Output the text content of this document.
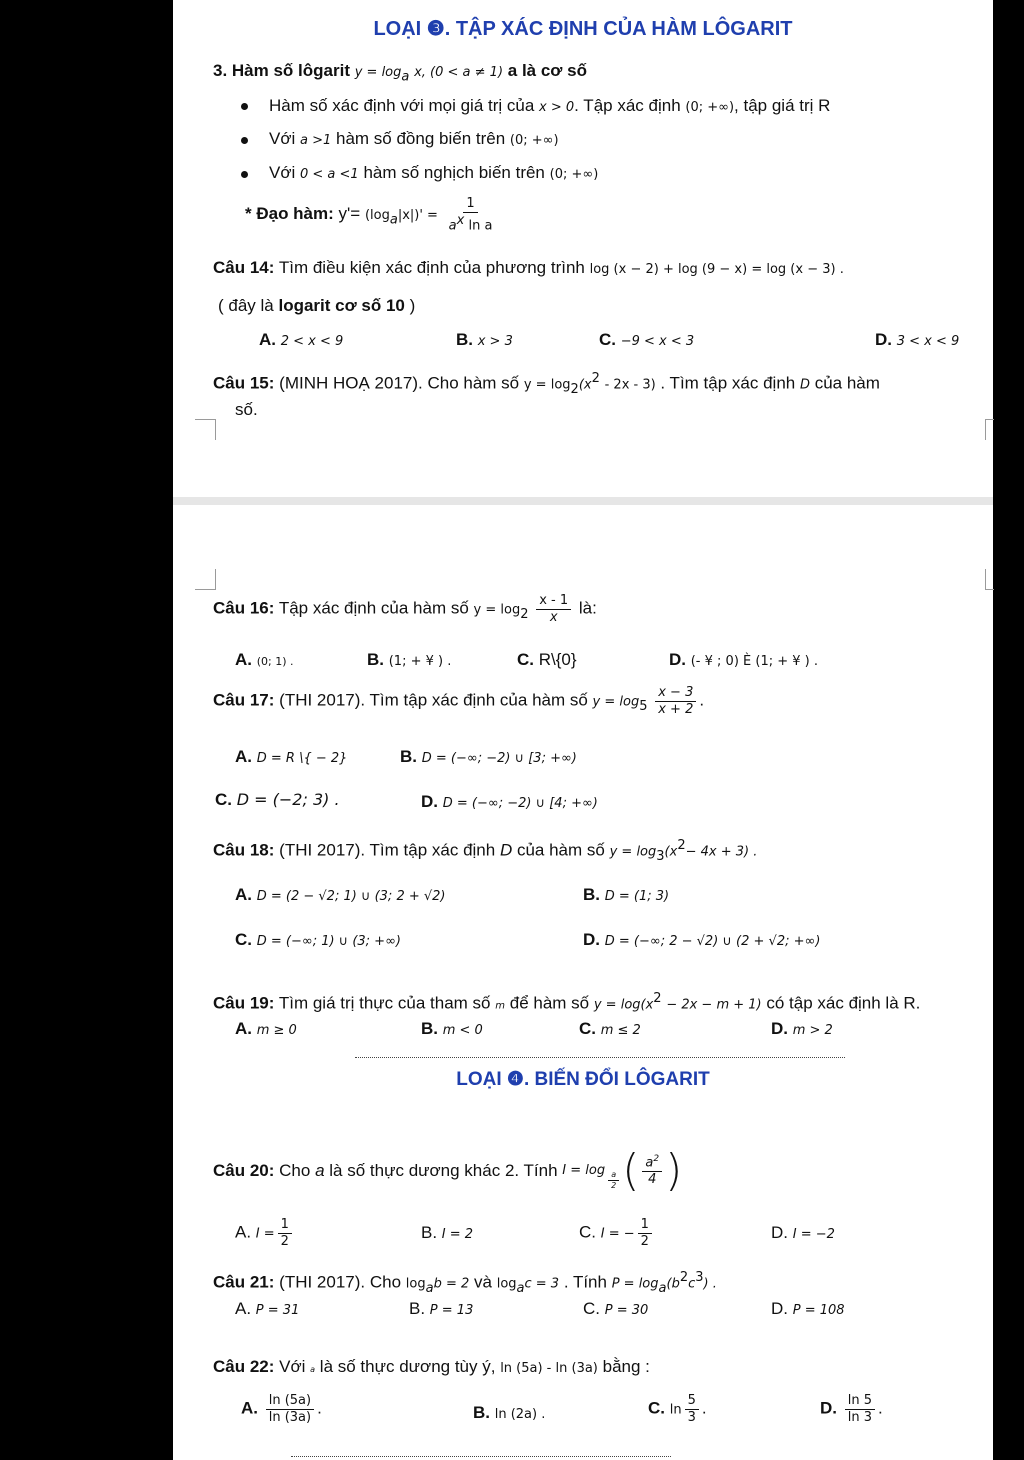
LOẠI ❸. TẬP XÁC ĐỊNH CỦA HÀM LÔGARIT
3. Hàm số lôgarit $y = \log_a x$, (0 < a ≠ 1) a là cơ số
Hàm số xác định với mọi giá trị của x > 0. Tập xác định (0; +∞), tập giá trị R
Với a >1 hàm số đồng biến trên (0; +∞)
Với 0 < a <1 hàm số nghịch biến trên (0; +∞)
* Đạo hàm: $y'= (\log_a|x|)' = \frac{1}{a^x \ln a}$
Câu 14: Tìm điều kiện xác định của phương trình log (x − 2) + log (9 − x) = log (x − 3) .
( đây là logarit cơ số 10 )
A. 2 < x < 9	B. x > 3	C. −9 < x < 3	D. 3 < x < 9
Câu 15: (MINH HOẠ 2017). Cho hàm số $y = \log_2(x^2 - 2x - 3)$ . Tìm tập xác định D của hàm
số.
Câu 16: Tập xác định của hàm số $y = \log_2 \frac{x - 1}{x}$ là:
A. (0; 1) .	B. (1; + ¥ ) .	C. R\{0}	D. (- ¥ ; 0) È (1; + ¥ ) .
Câu 17: (THI 2017). Tìm tập xác định của hàm số $y = \log_5 \frac{x - 3}{x + 2}$ .
A. D = R \{ − 2}	B. D = (−∞; −2) ∪ [3; +∞)
C. D = (−2; 3) .	D. D = (−∞; −2) ∪ [4; +∞)
Câu 18: (THI 2017). Tìm tập xác định D của hàm số $y = \log_3(x^2- 4x + 3)$ .
A. D = (2 − √2; 1) ∪ (3; 2 + √2)	B. D = (1; 3)
C. D = (−∞; 1) ∪ (3; +∞)	D. D = (−∞; 2 − √2) ∪ (2 + √2; +∞)
Câu 19: Tìm giá trị thực của tham số m để hàm số $y = \log(x^2 - 2x - m + 1)$ có tập xác định là R.
A. m ≥ 0	B. m < 0	C. m ≤ 2	D. m > 2
LOẠI ❹. BIẾN ĐỔI LÔGARIT
Câu 20:
Cho
a
là số thực dương khác 2. Tính
$I = \log \frac{a}{2}$ ( $\frac{a^2}{4}$ )
A. $I = \frac{1}{2}$	B. I = 2	C. I = − $\frac{1}{2}$	D. I = −2
Câu 21: (THI 2017). Cho $\log_ab = 2$ và $\log_ac = 3$ . Tính $P = \log_a(b^2c^3)$ .
A. P = 31	B. P = 13	C. P = 30	D. P = 108
Câu 22: Với a là số thực dương tùy ý, ln (5a) - ln (3a) bằng :
A. $\frac{\ln (5a)}{\ln (3a)}$ .	B. ln (2a) .	C. $\ln \frac{5}{3}$ .	D. $\frac{\ln 5}{\ln 3}$ .
